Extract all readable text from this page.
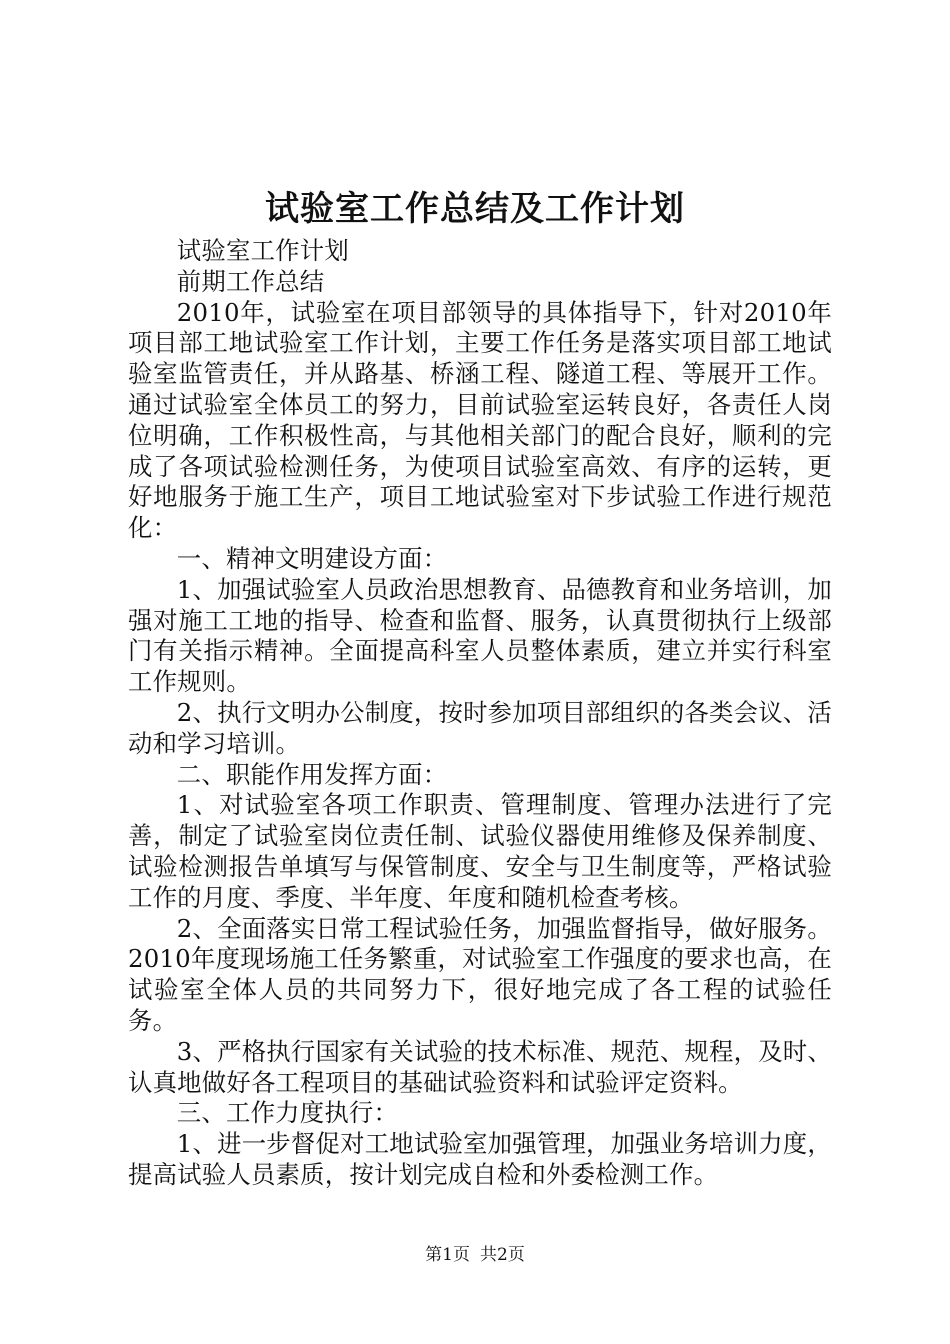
试验室工作总结及工作计划

试验室工作计划

前期工作总结

2010年，试验室在项目部领导的具体指导下，针对2010年项目部工地试验室工作计划，主要工作任务是落实项目部工地试验室监管责任，并从路基、桥涵工程、隧道工程、等展开工作。通过试验室全体员工的努力，目前试验室运转良好，各责任人岗位明确，工作积极性高，与其他相关部门的配合良好，顺利的完成了各项试验检测任务，为使项目试验室高效、有序的运转，更好地服务于施工生产，项目工地试验室对下步试验工作进行规范化：

一、精神文明建设方面：

1、加强试验室人员政治思想教育、品德教育和业务培训，加强对施工工地的指导、检查和监督、服务，认真贯彻执行上级部门有关指示精神。全面提高科室人员整体素质，建立并实行科室工作规则。

2、执行文明办公制度，按时参加项目部组织的各类会议、活动和学习培训。

二、职能作用发挥方面：

1、对试验室各项工作职责、管理制度、管理办法进行了完善，制定了试验室岗位责任制、试验仪器使用维修及保养制度、试验检测报告单填写与保管制度、安全与卫生制度等，严格试验工作的月度、季度、半年度、年度和随机检查考核。

2、全面落实日常工程试验任务，加强监督指导，做好服务。2010年度现场施工任务繁重，对试验室工作强度的要求也高，在试验室全体人员的共同努力下，很好地完成了各工程的试验任务。

3、严格执行国家有关试验的技术标准、规范、规程，及时、认真地做好各工程项目的基础试验资料和试验评定资料。

三、工作力度执行：

1、进一步督促对工地试验室加强管理，加强业务培训力度，提高试验人员素质，按计划完成自检和外委检测工作。

第1页 共2页
